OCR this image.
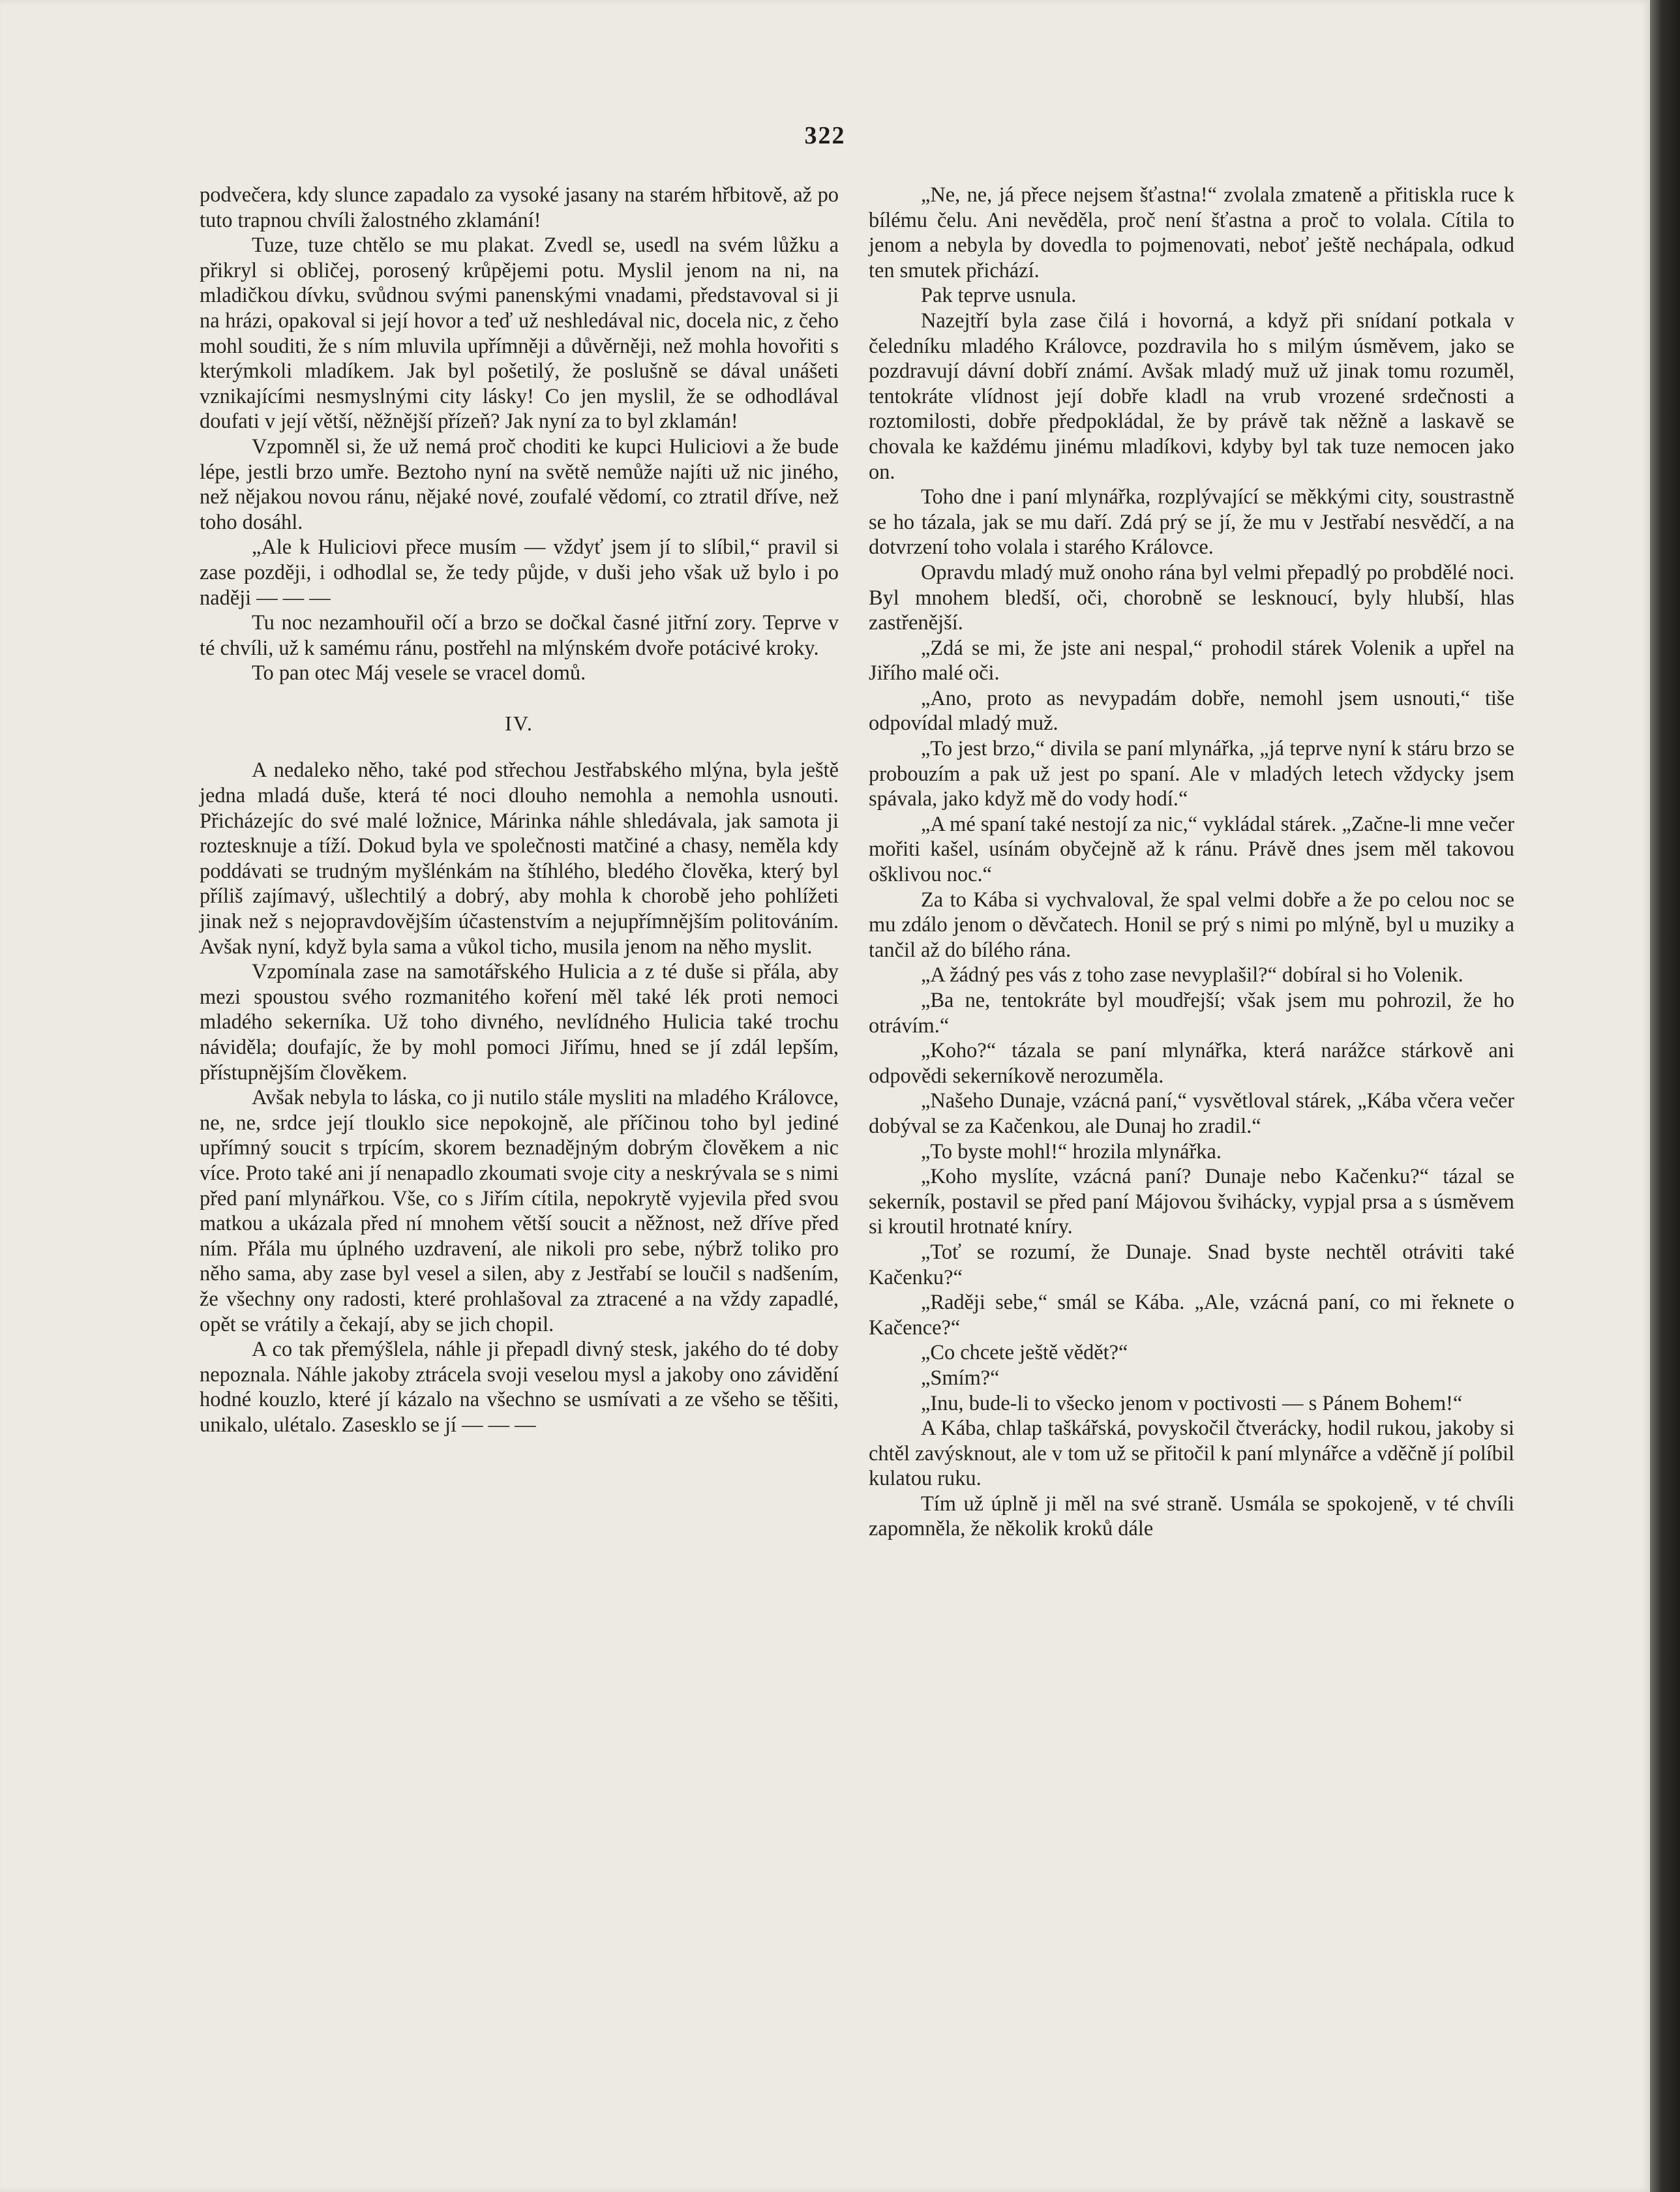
322

podvečera, kdy slunce zapadalo za vysoké jasany na starém hřbitově, až po tuto trapnou chvíli žalostného zklamání!

Tuze, tuze chtělo se mu plakat. Zvedl se, usedl na svém lůžku a přikryl si obličej, porosený krůpějemi potu. Myslil jenom na ni, na mladičkou dívku, svůdnou svými panenskými vnadami, představoval si ji na hrázi, opakoval si její hovor a teď už neshledával nic, docela nic, z čeho mohl souditi, že s ním mluvila upřímněji a důvěrněji, než mohla hovořiti s kterýmkoli mladíkem. Jak byl pošetilý, že poslušně se dával unášeti vznikajícími nesmyslnými city lásky! Co jen myslil, že se odhodlával doufati v její větší, něžnější přízeň? Jak nyní za to byl zklamán!

Vzpomněl si, že už nemá proč choditi ke kupci Huliciovi a že bude lépe, jestli brzo umře. Beztoho nyní na světě nemůže najíti už nic jiného, než nějakou novou ránu, nějaké nové, zoufalé vědomí, co ztratil dříve, než toho dosáhl.

„Ale k Huliciovi přece musím — vždyť jsem jí to slíbil,“ pravil si zase později, i odhodlal se, že tedy půjde, v duši jeho však už bylo i po naději — — —

Tu noc nezamhouřil očí a brzo se dočkal časné jitřní zory. Teprve v té chvíli, už k samému ránu, postřehl na mlýnském dvoře potácivé kroky.

To pan otec Máj vesele se vracel domů.

IV.

A nedaleko něho, také pod střechou Jestřabského mlýna, byla ještě jedna mladá duše, která té noci dlouho nemohla a nemohla usnouti. Přicházejíc do své malé ložnice, Márinka náhle shledávala, jak samota ji roztesknuje a tíží. Dokud byla ve společnosti matčiné a chasy, neměla kdy poddávati se trudným myšlénkám na štíhlého, bledého člověka, který byl příliš zajímavý, ušlechtilý a dobrý, aby mohla k chorobě jeho pohlížeti jinak než s nejopravdovějším účastenstvím a nejupřímnějším politováním. Avšak nyní, když byla sama a vůkol ticho, musila jenom na něho myslit.

Vzpomínala zase na samotářského Hulicia a z té duše si přála, aby mezi spoustou svého rozmanitého koření měl také lék proti nemoci mladého sekerníka. Už toho divného, nevlídného Hulicia také trochu náviděla; doufajíc, že by mohl pomoci Jiřímu, hned se jí zdál lepším, přístupnějším člověkem.

Avšak nebyla to láska, co ji nutilo stále mysliti na mladého Královce, ne, ne, srdce její tlouklo sice nepokojně, ale příčinou toho byl jediné upřímný soucit s trpícím, skorem beznadějným dobrým člověkem a nic více. Proto také ani jí nenapadlo zkoumati svoje city a neskrývala se s nimi před paní mlynářkou. Vše, co s Jiřím cítila, nepokrytě vyjevila před svou matkou a ukázala před ní mnohem větší soucit a něžnost, než dříve před ním. Přála mu úplného uzdravení, ale nikoli pro sebe, nýbrž toliko pro něho sama, aby zase byl vesel a silen, aby z Jestřabí se loučil s nadšením, že všechny ony radosti, které prohlašoval za ztracené a na vždy zapadlé, opět se vrátily a čekají, aby se jich chopil.

A co tak přemýšlela, náhle ji přepadl divný stesk, jakého do té doby nepoznala. Náhle jakoby ztrácela svoji veselou mysl a jakoby ono závidění hodné kouzlo, které jí kázalo na všechno se usmívati a ze všeho se těšiti, unikalo, ulétalo. Zasesklo se jí — — —

„Ne, ne, já přece nejsem šťastna!“ zvolala zmateně a přitiskla ruce k bílému čelu. Ani nevěděla, proč není šťastna a proč to volala. Cítila to jenom a nebyla by dovedla to pojmenovati, neboť ještě nechápala, odkud ten smutek přichází.

Pak teprve usnula.

Nazejtří byla zase čilá i hovorná, a když při snídaní potkala v čeledníku mladého Královce, pozdravila ho s milým úsměvem, jako se pozdravují dávní dobří známí. Avšak mladý muž už jinak tomu rozuměl, tentokráte vlídnost její dobře kladl na vrub vrozené srdečnosti a roztomilosti, dobře předpokládal, že by právě tak něžně a laskavě se chovala ke každému jinému mladíkovi, kdyby byl tak tuze nemocen jako on.

Toho dne i paní mlynářka, rozplývající se měkkými city, soustrastně se ho tázala, jak se mu daří. Zdá prý se jí, že mu v Jestřabí nesvědčí, a na dotvrzení toho volala i starého Královce.

Opravdu mladý muž onoho rána byl velmi přepadlý po probdělé noci. Byl mnohem bledší, oči, chorobně se lesknoucí, byly hlubší, hlas zastřenější.

„Zdá se mi, že jste ani nespal,“ prohodil stárek Volenik a upřel na Jiřího malé oči.

„Ano, proto as nevypadám dobře, nemohl jsem usnouti,“ tiše odpovídal mladý muž.

„To jest brzo,“ divila se paní mlynářka, „já teprve nyní k stáru brzo se probouzím a pak už jest po spaní. Ale v mladých letech vždycky jsem spávala, jako když mě do vody hodí.“

„A mé spaní také nestojí za nic,“ vykládal stárek. „Začne-li mne večer mořiti kašel, usínám obyčejně až k ránu. Právě dnes jsem měl takovou ošklivou noc.“

Za to Kába si vychvaloval, že spal velmi dobře a že po celou noc se mu zdálo jenom o děvčatech. Honil se prý s nimi po mlýně, byl u muziky a tančil až do bílého rána.

„A žádný pes vás z toho zase nevyplašil?“ dobíral si ho Volenik.

„Ba ne, tentokráte byl moudřejší; však jsem mu pohrozil, že ho otrávím.“

„Koho?“ tázala se paní mlynářka, která narážce stárkově ani odpovědi sekerníkově nerozuměla.

„Našeho Dunaje, vzácná paní,“ vysvětloval stárek, „Kába včera večer dobýval se za Kačenkou, ale Dunaj ho zradil.“

„To byste mohl!“ hrozila mlynářka.

„Koho myslíte, vzácná paní? Dunaje nebo Kačenku?“ tázal se sekerník, postavil se před paní Májovou švihácky, vypjal prsa a s úsměvem si kroutil hrotnaté kníry.

„Toť se rozumí, že Dunaje. Snad byste nechtěl otráviti také Kačenku?“

„Raději sebe,“ smál se Kába. „Ale, vzácná paní, co mi řeknete o Kačence?“

„Co chcete ještě vědět?“

„Smím?“

„Inu, bude-li to všecko jenom v poctivosti — s Pánem Bohem!“

A Kába, chlap taškářská, povyskočil čtverácky, hodil rukou, jakoby si chtěl zavýsknout, ale v tom už se přitočil k paní mlynářce a vděčně jí políbil kulatou ruku.

Tím už úplně ji měl na své straně. Usmála se spokojeně, v té chvíli zapomněla, že několik kroků dále
